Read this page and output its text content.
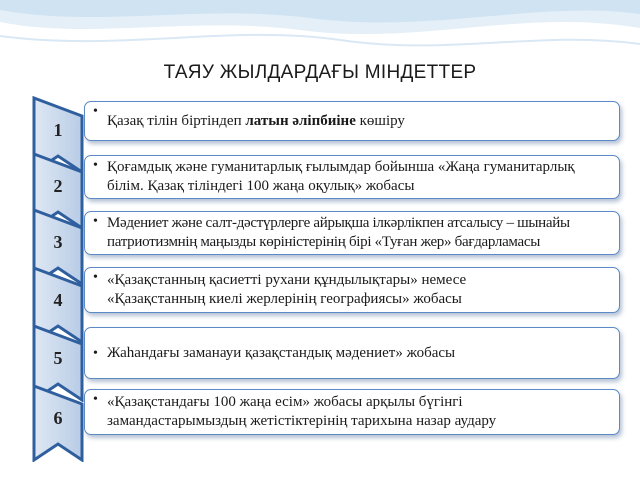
ТАЯУ ЖЫЛДАРДАҒЫ МІНДЕТТЕР
1
•
Қазақ тілін біртіндеп латын әліпбиіне көшіру
2
• Қоғамдық және гуманитарлық ғылымдар бойынша «Жаңа гуманитарлық білім. Қазақ тіліндегі 100 жаңа оқулық» жобасы
3
• Мәдениет және салт-дәстүрлерге айрықша ілкәрлікпен атсалысу – шынайы патриотизмнің маңызды көріністерінің бірі «Туған жер» бағдарламасы
4
• «Қазақстанның қасиетті рухани құндылықтары» немесе «Қазақстанның киелі жерлерінің географиясы» жобасы
5	• Жаһандағы заманауи қазақстандық мәдениет» жобасы
6
• «Қазақстандағы 100 жаңа есім» жобасы арқылы бүгінгі замандастарымыздың жетістіктерінің тарихына назар аудару
